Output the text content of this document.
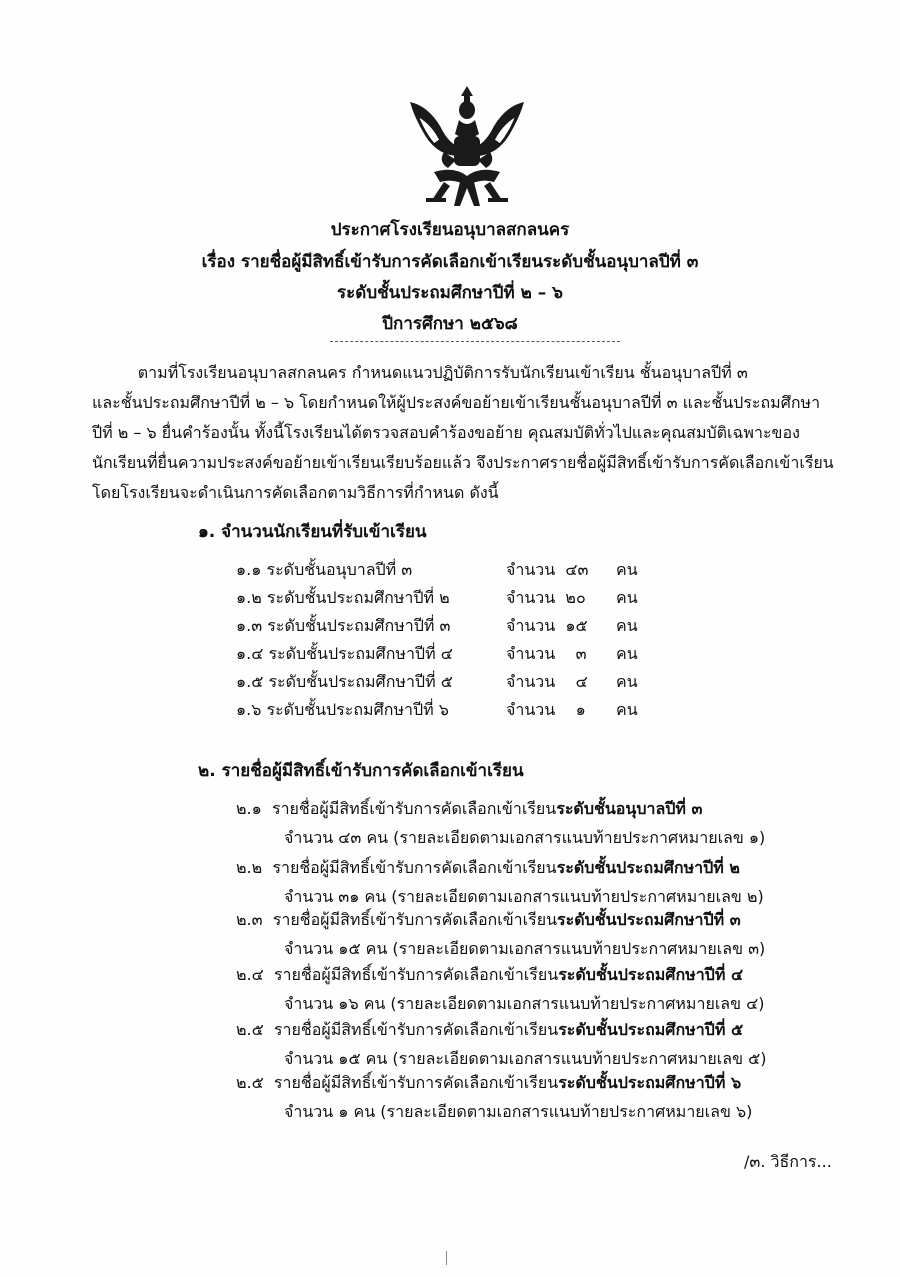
ประกาศโรงเรียนอนุบาลสกลนคร
เรื่อง รายชื่อผู้มีสิทธิ์เข้ารับการคัดเลือกเข้าเรียนระดับชั้นอนุบาลปีที่ ๓
ระดับชั้นประถมศึกษาปีที่ ๒ – ๖
ปีการศึกษา ๒๕๖๘

ตามที่โรงเรียนอนุบาลสกลนคร กำหนดแนวปฏิบัติการรับนักเรียนเข้าเรียน ชั้นอนุบาลปีที่ ๓

และชั้นประถมศึกษาปีที่ ๒ – ๖ โดยกำหนดให้ผู้ประสงค์ขอย้ายเข้าเรียนชั้นอนุบาลปีที่ ๓ และชั้นประถมศึกษา

ปีที่ ๒ – ๖ ยื่นคำร้องนั้น ทั้งนี้โรงเรียนได้ตรวจสอบคำร้องขอย้าย คุณสมบัติทั่วไปและคุณสมบัติเฉพาะของ

นักเรียนที่ยื่นความประสงค์ขอย้ายเข้าเรียนเรียบร้อยแล้ว จึงประกาศรายชื่อผู้มีสิทธิ์เข้ารับการคัดเลือกเข้าเรียน

โดยโรงเรียนจะดำเนินการคัดเลือกตามวิธีการที่กำหนด ดังนี้

๑. จำนวนนักเรียนที่รับเข้าเรียน
๑.๑ ระดับชั้นอนุบาลปีที่ ๓	จำนวน  ๔๓ คน
๑.๒ ระดับชั้นประถมศึกษาปีที่ ๒	จำนวน  ๒๐ คน
๑.๓ ระดับชั้นประถมศึกษาปีที่ ๓	จำนวน  ๑๕ คน
๑.๔ ระดับชั้นประถมศึกษาปีที่ ๔	จำนวน    ๓ คน
๑.๕ ระดับชั้นประถมศึกษาปีที่ ๕	จำนวน    ๔ คน
๑.๖ ระดับชั้นประถมศึกษาปีที่ ๖	จำนวน    ๑ คน
๒. รายชื่อผู้มีสิทธิ์เข้ารับการคัดเลือกเข้าเรียน
๒.๑ รายชื่อผู้มีสิทธิ์เข้ารับการคัดเลือกเข้าเรียนระดับชั้นอนุบาลปีที่ ๓
จำนวน ๔๓ คน (รายละเอียดตามเอกสารแนบท้ายประกาศหมายเลข ๑)
๒.๒ รายชื่อผู้มีสิทธิ์เข้ารับการคัดเลือกเข้าเรียนระดับชั้นประถมศึกษาปีที่ ๒
จำนวน ๓๑ คน (รายละเอียดตามเอกสารแนบท้ายประกาศหมายเลข ๒)
๒.๓ รายชื่อผู้มีสิทธิ์เข้ารับการคัดเลือกเข้าเรียนระดับชั้นประถมศึกษาปีที่ ๓
จำนวน ๑๕ คน (รายละเอียดตามเอกสารแนบท้ายประกาศหมายเลข ๓)
๒.๔ รายชื่อผู้มีสิทธิ์เข้ารับการคัดเลือกเข้าเรียนระดับชั้นประถมศึกษาปีที่ ๔
จำนวน ๑๖ คน (รายละเอียดตามเอกสารแนบท้ายประกาศหมายเลข ๔)
๒.๕ รายชื่อผู้มีสิทธิ์เข้ารับการคัดเลือกเข้าเรียนระดับชั้นประถมศึกษาปีที่ ๕
จำนวน ๑๕ คน (รายละเอียดตามเอกสารแนบท้ายประกาศหมายเลข ๕)
๒.๕ รายชื่อผู้มีสิทธิ์เข้ารับการคัดเลือกเข้าเรียนระดับชั้นประถมศึกษาปีที่ ๖
จำนวน ๑ คน (รายละเอียดตามเอกสารแนบท้ายประกาศหมายเลข ๖)
/๓. วิธีการ...
